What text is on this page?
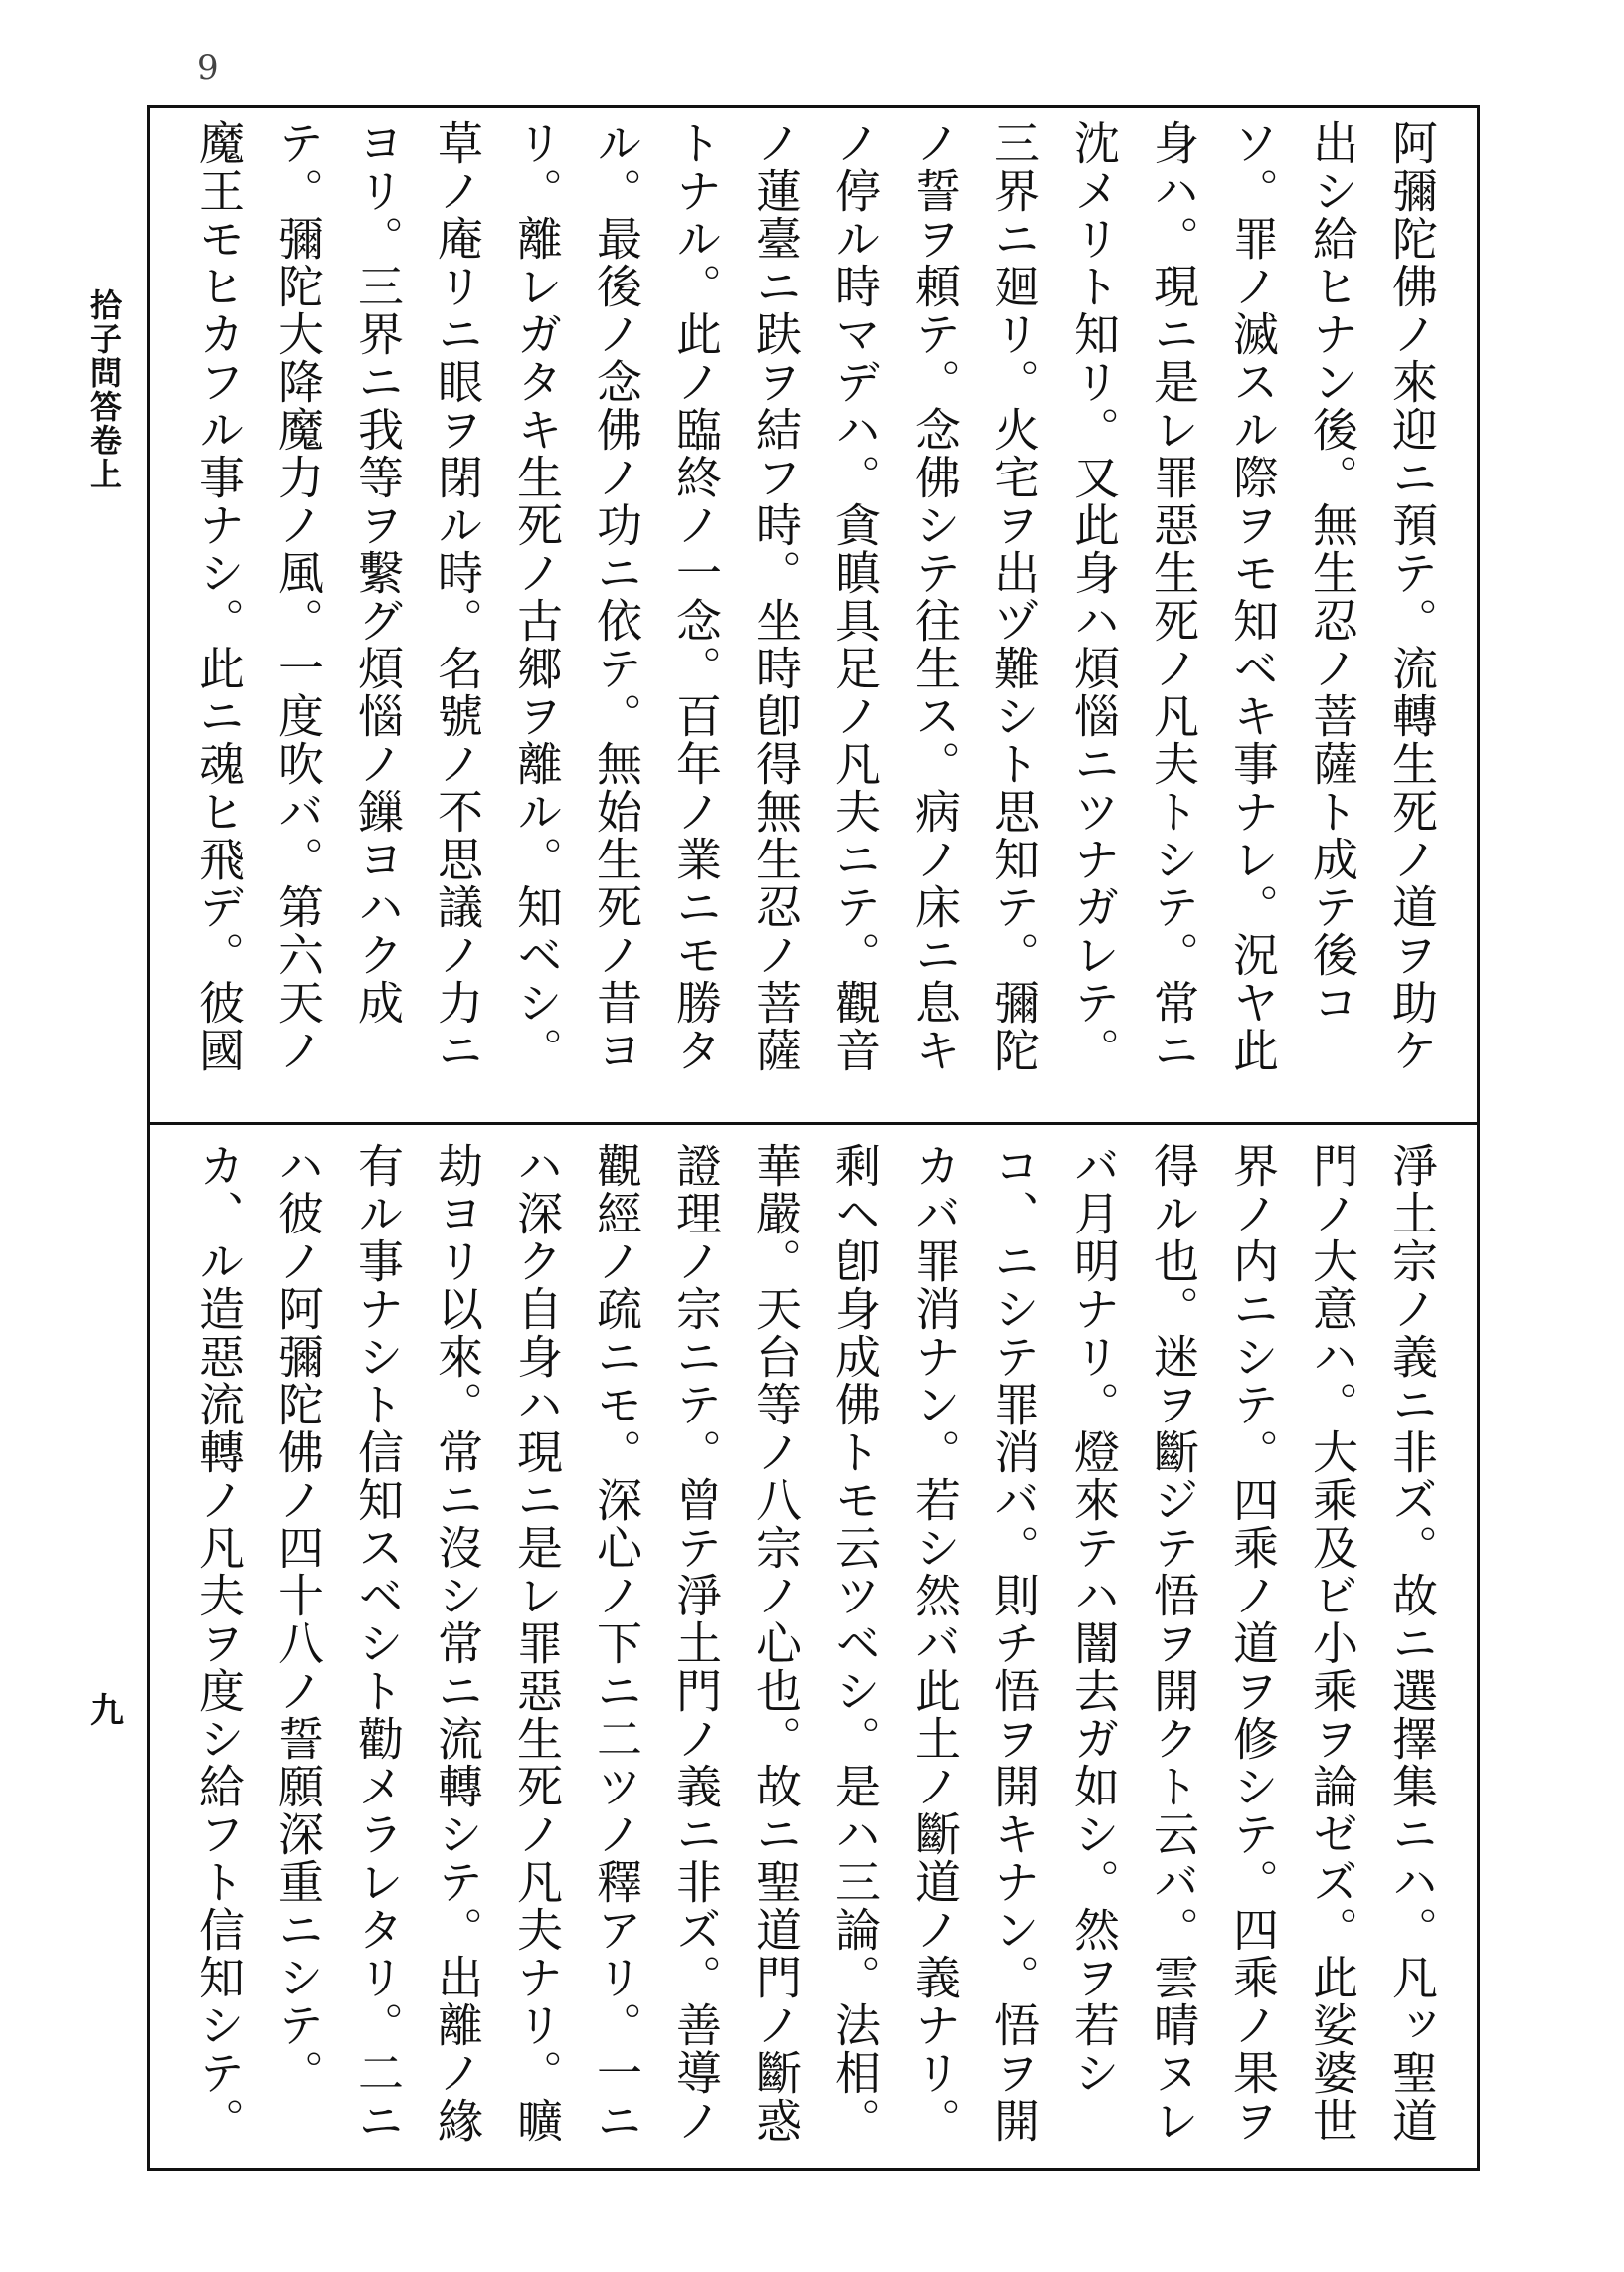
9
拾子問答卷上
九

阿彌陀佛ノ來迎ニ預テ。流轉生死ノ道ヲ助ケ出シ給ヒナン後。無生忍ノ菩薩ト成テ後コソ。罪ノ滅スル際ヲモ知ベキ事ナレ。況ヤ此身ハ。現ニ是レ罪惡生死ノ凡夫トシテ。常ニ沈メリト知リ。又此身ハ煩惱ニツナガレテ。三界ニ廻リ。火宅ヲ出ヅ難シト思知テ。彌陀ノ誓ヲ頼テ。念佛シテ往生ス。病ノ床ニ息キノ停ル時マデハ。貪瞋具足ノ凡夫ニテ。觀音ノ蓮臺ニ趺ヲ結フ時。坐時卽得無生忍ノ菩薩トナル。此ノ臨終ノ一念。百年ノ業ニモ勝タル。最後ノ念佛ノ功ニ依テ。無始生死ノ昔ヨリ。離レガタキ生死ノ古郷ヲ離ル。知ベシ。草ノ庵リニ眼ヲ閉ル時。名號ノ不思議ノ力ニヨリ。三界ニ我等ヲ繫グ煩惱ノ鏁ヨハク成テ。彌陀大降魔力ノ風。一度吹バ。第六天ノ魔王モヒカフル事ナシ。此ニ魂ヒ飛デ。彼國

淨土宗ノ義ニ非ズ。故ニ選擇集ニハ。凡ッ聖道門ノ大意ハ。大乘及ビ小乘ヲ論ゼズ。此娑婆世界ノ内ニシテ。四乘ノ道ヲ修シテ。四乘ノ果ヲ得ル也。迷ヲ斷ジテ悟ヲ開クト云バ。雲晴ヌレバ月明ナリ。燈來テハ闇去ガ如シ。然ヲ若シコ、ニシテ罪消バ。則チ悟ヲ開キナン。悟ヲ開カバ罪消ナン。若シ然バ此土ノ斷道ノ義ナリ。剩ヘ卽身成佛トモ云ツベシ。是ハ三論。法相。華嚴。天台等ノ八宗ノ心也。故ニ聖道門ノ斷惑證理ノ宗ニテ。曾テ淨土門ノ義ニ非ズ。善導ノ觀經ノ疏ニモ。深心ノ下ニ二ツノ釋アリ。一ニハ深ク自身ハ現ニ是レ罪惡生死ノ凡夫ナリ。曠劫ヨリ以來。常ニ沒シ常ニ流轉シテ。出離ノ緣有ル事ナシト信知スベシト勸メラレタリ。二ニハ彼ノ阿彌陀佛ノ四十八ノ誓願深重ニシテ。カ、ル造惡流轉ノ凡夫ヲ度シ給フト信知シテ。
